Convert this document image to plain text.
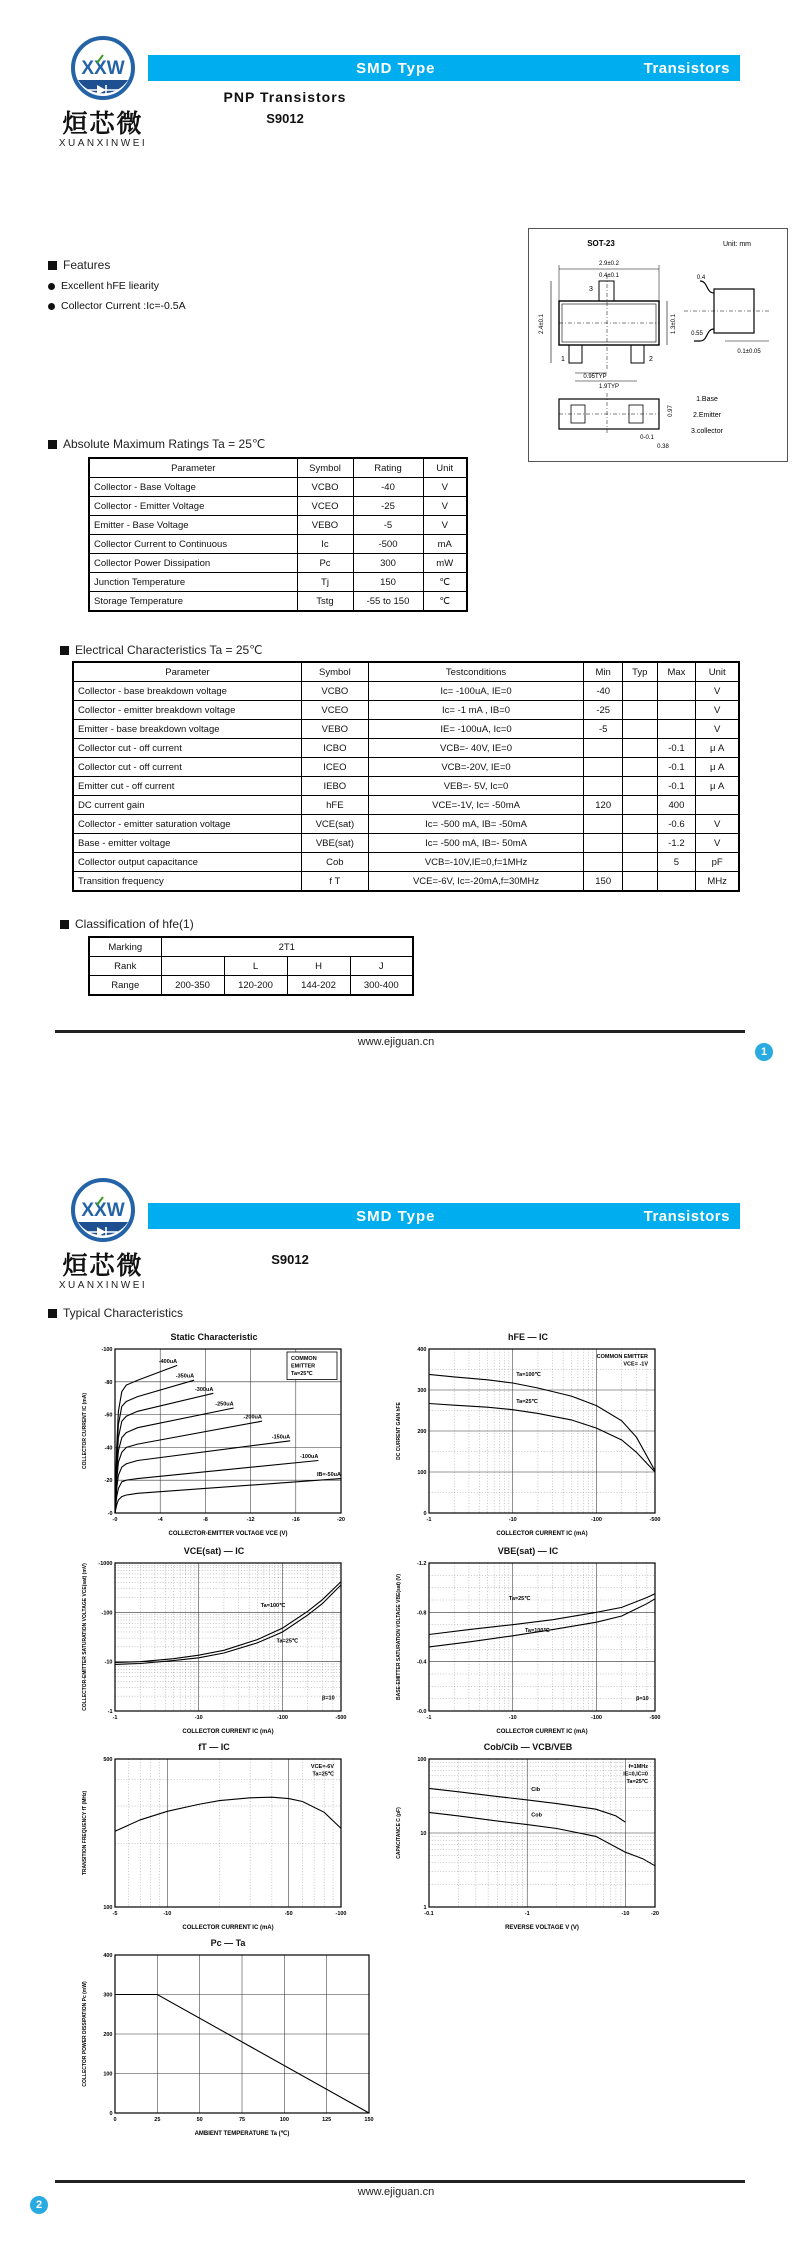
XXW
烜芯微
XUANXINWEI
SMD Type	Transistors
PNP Transistors
S9012
Features
Excellent hFE liearity
Collector Current :Ic=-0.5A
SOT-23	Unit: mm
2.9±0.2
0.4±0.1
2.4±0.1	1.3±0.1
0.95TYP
1.9TYP
0.4
0.55
0.1±0.05
0.97
0-0.1
0.38
1.Base
2.Emitter
3.collector
3
1	2
Absolute Maximum Ratings Ta = 25℃
Parameter	Symbol	Rating	Unit
Collector - Base Voltage	VCBO	-40	V
Collector - Emitter Voltage	VCEO	-25	V
Emitter - Base Voltage	VEBO	-5	V
Collector Current to Continuous	Ic	-500	mA
Collector Power Dissipation	Pc	300	mW
Junction Temperature	Tj	150	℃
Storage Temperature	Tstg	-55 to 150	℃
Electrical Characteristics Ta = 25℃
Parameter	Symbol	Testconditions	Min	Typ	Max	Unit
Collector - base breakdown voltage	VCBO	Ic= -100uA, IE=0	-40			V
Collector - emitter breakdown voltage	VCEO	Ic= -1 mA , IB=0	-25			V
Emitter - base breakdown voltage	VEBO	IE= -100uA, Ic=0	-5			V
Collector cut - off current	ICBO	VCB=- 40V, IE=0			-0.1	μ A
Collector cut - off current	ICEO	VCB=-20V, IE=0			-0.1	μ A
Emitter cut - off current	IEBO	VEB=- 5V, Ic=0			-0.1	μ A
DC current gain	hFE	VCE=-1V, Ic= -50mA	120		400	
Collector - emitter saturation voltage	VCE(sat)	Ic= -500 mA, IB= -50mA			-0.6	V
Base - emitter voltage	VBE(sat)	Ic= -500 mA, IB=- 50mA			-1.2	V
Collector output capacitance	Cob	VCB=-10V,IE=0,f=1MHz			5	pF
Transition frequency	f T	VCE=-6V, Ic=-20mA,f=30MHz	150			MHz
Classification of hfe(1)
Marking	2T1			
Rank		L	H	J
Range	200-350	120-200	144-202	300-400
www.ejiguan.cn
1
XXW
烜芯微
XUANXINWEI
SMD Type	Transistors
S9012
Typical Characteristics
Static Characteristic
-400uA
-350uA
-300uA
-250uA
-200uA
-150uA
-100uA
IB=-50uA
COMMON
EMITTER
Ta=25℃
-0	-4	-8	-12	-16	-20
-0
-20
-40
-60
-80
-100
COLLECTOR-EMITTER VOLTAGE VCE (V)
COLLECTOR CURRENT IC (mA)
hFE — IC
Ta=100℃
Ta=25℃
COMMON EMITTER
VCE= -1V
-1	-10	-100	-500
0
100
200
300
400
COLLECTOR CURRENT IC (mA)
DC CURRENT GAIN hFE
VCE(sat) — IC
Ta=100℃
Ta=25℃
β=10
-1	-10	-100	-500
-1
-10
-100
-1000
COLLECTOR CURRENT IC (mA)
COLLECTOR-EMITTER SATURATION VOLTAGE VCE(sat) (mV)
VBE(sat) — IC
Ta=25℃
Ta=100℃
β=10
-1	-10	-100	-500
-0.0
-0.4
-0.8
-1.2
COLLECTOR CURRENT IC (mA)
BASE-EMITTER SATURATION VOLTAGE VBE(sat) (V)
fT — IC
VCE=-6V
Ta=25℃
-5	-10	-50	-100
100
500
COLLECTOR CURRENT IC (mA)
TRANSITION FREQUENCY fT (MHz)
Cob/Cib — VCB/VEB
Cib
Cob
f=1MHz
IE=0,IC=0
Ta=25℃
-0.1	-1	-10	-20
1
10
100
REVERSE VOLTAGE V (V)
CAPACITANCE C (pF)
Pc — Ta
0	25	50	75	100	125	150
0
100
200
300
400
AMBIENT TEMPERATURE Ta (℃)
COLLECTOR POWER DISSIPATION Pc (mW)
www.ejiguan.cn
2
